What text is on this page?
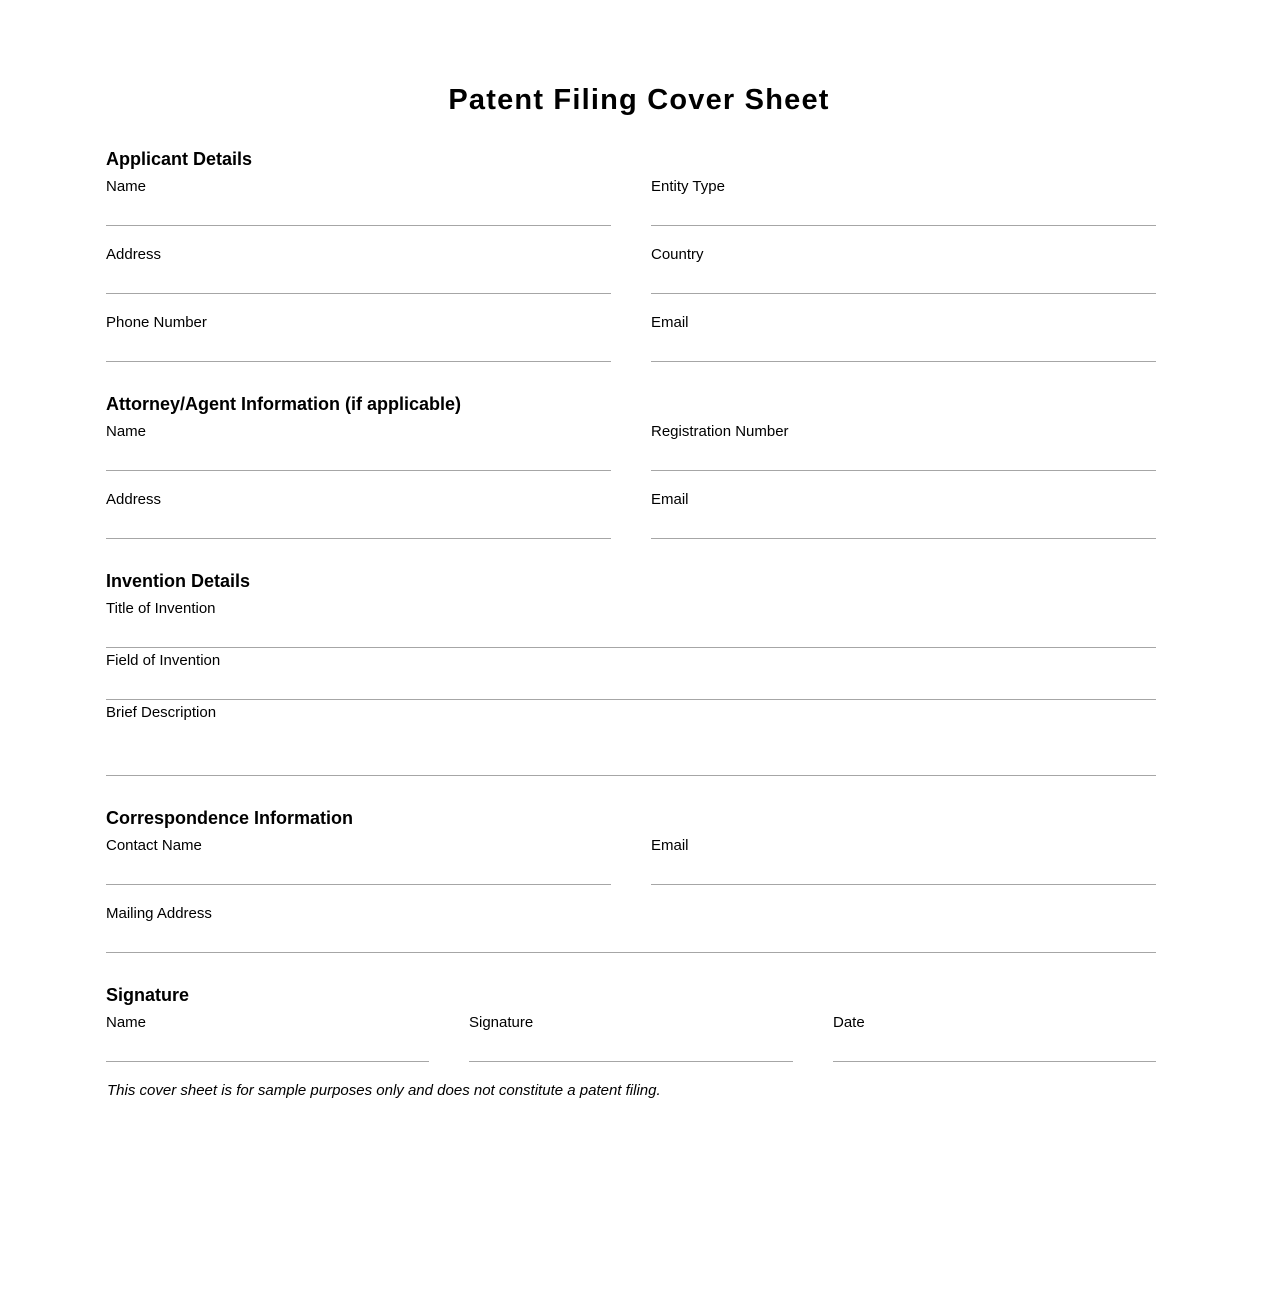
Patent Filing Cover Sheet
Applicant Details
Name	Entity Type
Address	Country
Phone Number	Email
Attorney/Agent Information (if applicable)
Name	Registration Number
Address	Email
Invention Details
Title of Invention
Field of Invention
Brief Description
Correspondence Information
Contact Name	Email
Mailing Address
Signature
Name	Signature	Date
This cover sheet is for sample purposes only and does not constitute a patent filing.
